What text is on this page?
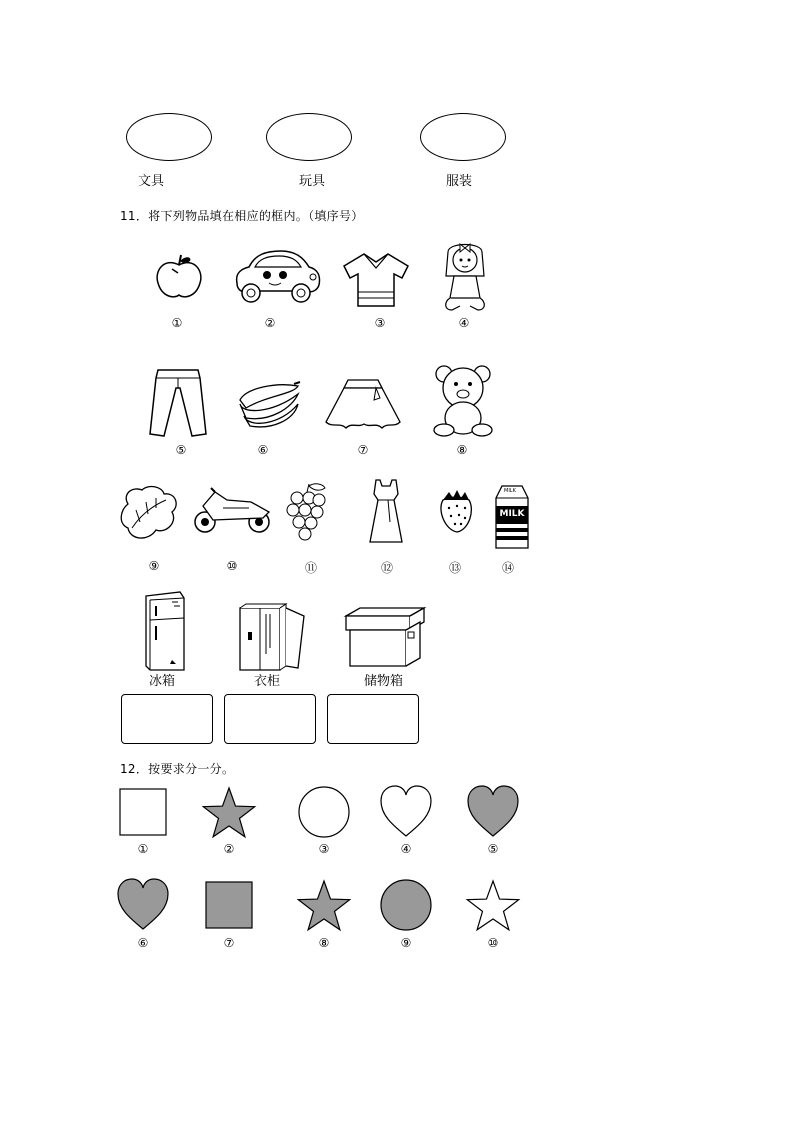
文具	玩具	服装
11．将下列物品填在相应的框内。（填序号）
①	②	③	④
⑤	⑥	⑦	⑧
⑨	⑩	⑪	⑫	⑬
MILK
MILK
⑭
冰箱	衣柜	储物箱
12．按要求分一分。
①	②	③	④	⑤
⑥	⑦	⑧	⑨	⑩
